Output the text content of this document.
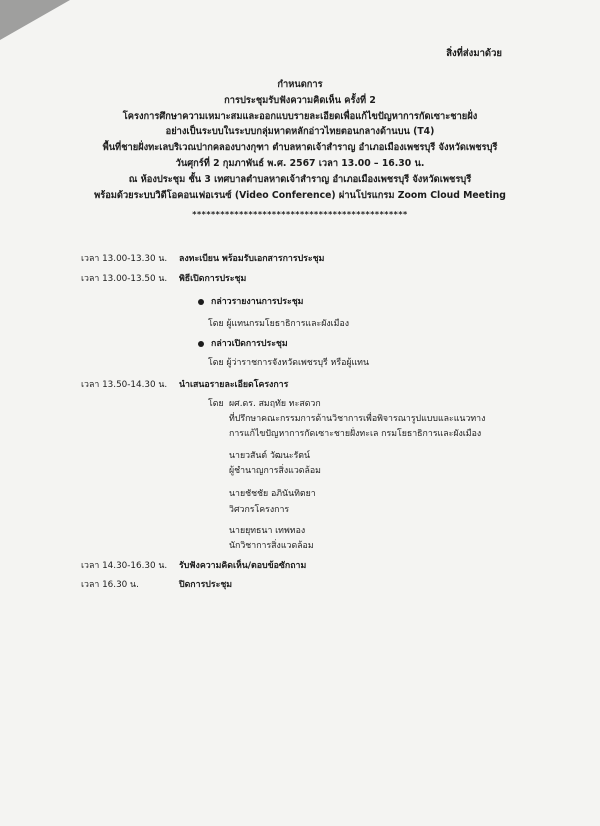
สิ่งที่ส่งมาด้วย
กำหนดการ
การประชุมรับฟังความคิดเห็น ครั้งที่ 2
โครงการศึกษาความเหมาะสมและออกแบบรายละเอียดเพื่อแก้ไขปัญหาการกัดเซาะชายฝั่ง
อย่างเป็นระบบในระบบกลุ่มหาดหลักอ่าวไทยตอนกลางด้านบน (T4)
พื้นที่ชายฝั่งทะเลบริเวณปากคลองบางกุฑา ตำบลหาดเจ้าสำราญ อำเภอเมืองเพชรบุรี จังหวัดเพชรบุรี
วันศุกร์ที่ 2 กุมภาพันธ์ พ.ศ. 2567 เวลา 13.00 – 16.30 น.
ณ ห้องประชุม ชั้น 3 เทศบาลตำบลหาดเจ้าสำราญ อำเภอเมืองเพชรบุรี จังหวัดเพชรบุรี
พร้อมด้วยระบบวิดีโอคอนเฟอเรนซ์ (Video Conference) ผ่านโปรแกรม Zoom Cloud Meeting
**********************************************
เวลา 13.00-13.30 น. ลงทะเบียน พร้อมรับเอกสารการประชุม
เวลา 13.00-13.50 น. พิธีเปิดการประชุม
กล่าวรายงานการประชุม
โดย ผู้แทนกรมโยธาธิการและผังเมือง
กล่าวเปิดการประชุม
โดย ผู้ว่าราชการจังหวัดเพชรบุรี หรือผู้แทน
เวลา 13.50-14.30 น. นำเสนอรายละเอียดโครงการ
โดย ผศ.ดร. สมฤทัย ทะสดวก
ที่ปรึกษาคณะกรรมการด้านวิชาการเพื่อพิจารณารูปแบบและแนวทาง
การแก้ไขปัญหาการกัดเซาะชายฝั่งทะเล กรมโยธาธิการและผังเมือง
นายวสันต์ วัฒนะรัตน์
ผู้ชำนาญการสิ่งแวดล้อม
นายชัชชัย อภินันทิตยา
วิศวกรโครงการ
นายยุทธนา เทพทอง
นักวิชาการสิ่งแวดล้อม
เวลา 14.30-16.30 น. รับฟังความคิดเห็น/ตอบข้อซักถาม
เวลา 16.30 น.	ปิดการประชุม
